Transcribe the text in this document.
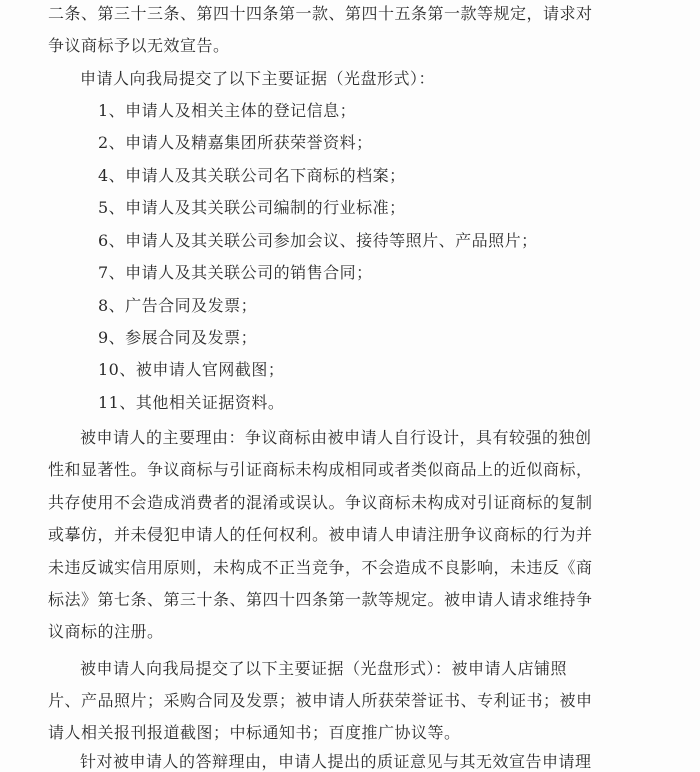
二条、第三十三条、第四十四条第一款、第四十五条第一款等规定，请求对
争议商标予以无效宣告。
申请人向我局提交了以下主要证据（光盘形式）：
1、申请人及相关主体的登记信息；
2、申请人及精嘉集团所获荣誉资料；
4、申请人及其关联公司名下商标的档案；
5、申请人及其关联公司编制的行业标准；
6、申请人及其关联公司参加会议、接待等照片、产品照片；
7、申请人及其关联公司的销售合同；
8、广告合同及发票；
9、参展合同及发票；
10、被申请人官网截图；
11、其他相关证据资料。
被申请人的主要理由：争议商标由被申请人自行设计，具有较强的独创
性和显著性。争议商标与引证商标未构成相同或者类似商品上的近似商标，
共存使用不会造成消费者的混淆或误认。争议商标未构成对引证商标的复制
或摹仿，并未侵犯申请人的任何权利。被申请人申请注册争议商标的行为并
未违反诚实信用原则，未构成不正当竞争，不会造成不良影响，未违反《商
标法》第七条、第三十条、第四十四条第一款等规定。被申请人请求维持争
议商标的注册。
被申请人向我局提交了以下主要证据（光盘形式）：被申请人店铺照
片、产品照片；采购合同及发票；被申请人所获荣誉证书、专利证书；被申
请人相关报刊报道截图；中标通知书；百度推广协议等。
针对被申请人的答辩理由，申请人提出的质证意见与其无效宣告申请理
